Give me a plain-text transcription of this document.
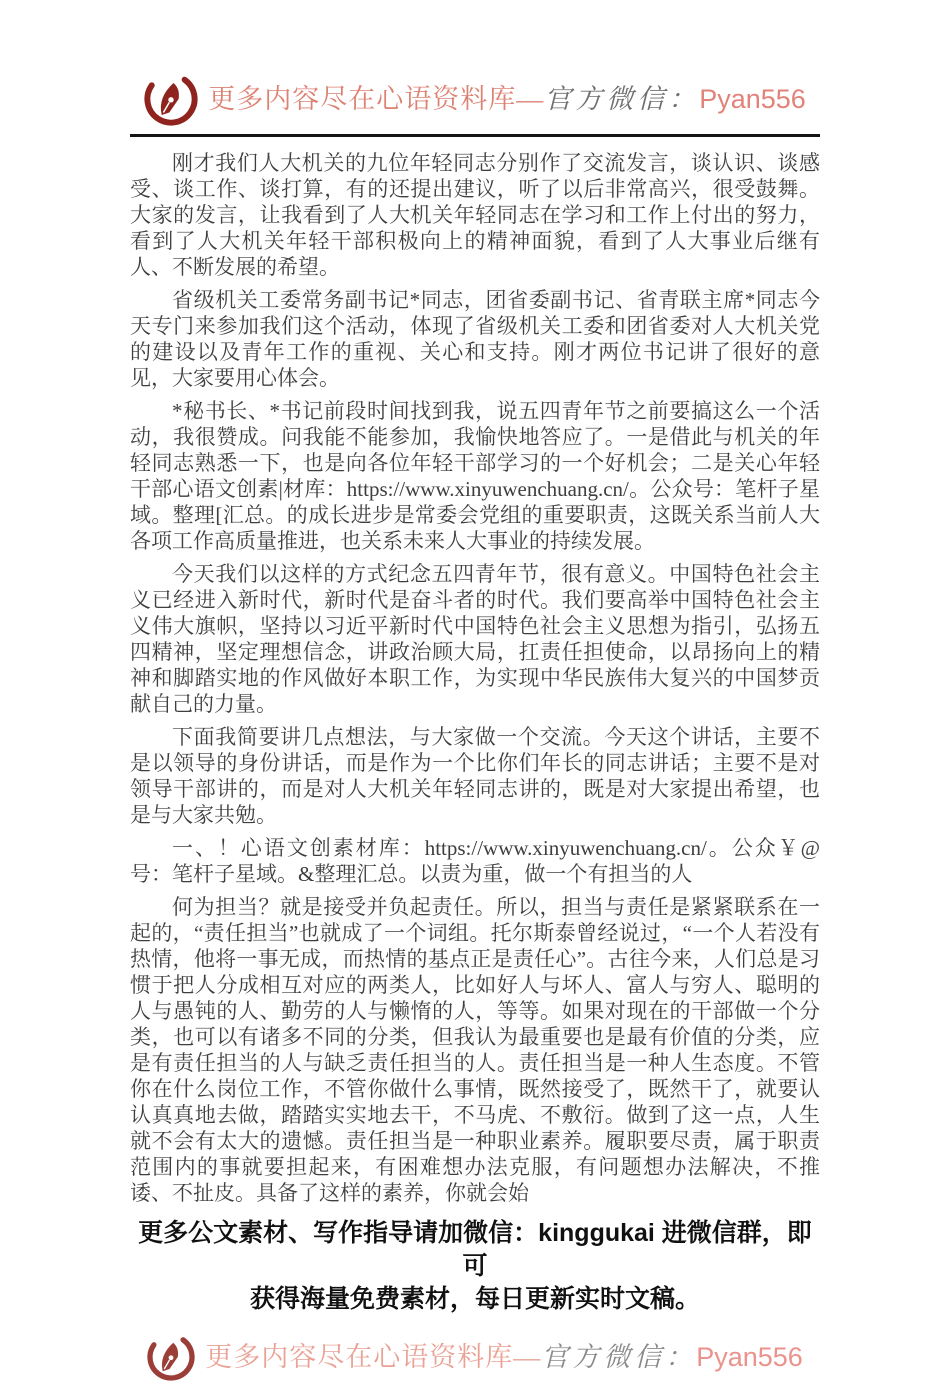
更多内容尽在心语资料库—官方微信：Pyan556

刚才我们人大机关的九位年轻同志分别作了交流发言，谈认识、谈感受、谈工作、谈打算，有的还提出建议，听了以后非常高兴，很受鼓舞。大家的发言，让我看到了人大机关年轻同志在学习和工作上付出的努力，看到了人大机关年轻干部积极向上的精神面貌，看到了人大事业后继有人、不断发展的希望。

省级机关工委常务副书记*同志，团省委副书记、省青联主席*同志今天专门来参加我们这个活动，体现了省级机关工委和团省委对人大机关党的建设以及青年工作的重视、关心和支持。刚才两位书记讲了很好的意见，大家要用心体会。

*秘书长、*书记前段时间找到我，说五四青年节之前要搞这么一个活动，我很赞成。问我能不能参加，我愉快地答应了。一是借此与机关的年轻同志熟悉一下，也是向各位年轻干部学习的一个好机会；二是关心年轻干部心语文创素|材库：https://www.xinyuwenchuang.cn/。公众号：笔杆子星域。整理[汇总。的成长进步是常委会党组的重要职责，这既关系当前人大各项工作高质量推进，也关系未来人大事业的持续发展。

今天我们以这样的方式纪念五四青年节，很有意义。中国特色社会主义已经进入新时代，新时代是奋斗者的时代。我们要高举中国特色社会主义伟大旗帜，坚持以习近平新时代中国特色社会主义思想为指引，弘扬五四精神，坚定理想信念，讲政治顾大局，扛责任担使命，以昂扬向上的精神和脚踏实地的作风做好本职工作，为实现中华民族伟大复兴的中国梦贡献自己的力量。

下面我简要讲几点想法，与大家做一个交流。今天这个讲话，主要不是以领导的身份讲话，而是作为一个比你们年长的同志讲话；主要不是对领导干部讲的，而是对人大机关年轻同志讲的，既是对大家提出希望，也是与大家共勉。

一、！心语文创素材库：https://www.xinyuwenchuang.cn/。公众￥@号：笔杆子星域。&整理汇总。以责为重，做一个有担当的人

何为担当？就是接受并负起责任。所以，担当与责任是紧紧联系在一起的，“责任担当”也就成了一个词组。托尔斯泰曾经说过，“一个人若没有热情，他将一事无成，而热情的基点正是责任心”。古往今来，人们总是习惯于把人分成相互对应的两类人，比如好人与坏人、富人与穷人、聪明的人与愚钝的人、勤劳的人与懒惰的人，等等。如果对现在的干部做一个分类，也可以有诸多不同的分类，但我认为最重要也是最有价值的分类，应是有责任担当的人与缺乏责任担当的人。责任担当是一种人生态度。不管你在什么岗位工作，不管你做什么事情，既然接受了，既然干了，就要认认真真地去做，踏踏实实地去干，不马虎、不敷衍。做到了这一点，人生就不会有太大的遗憾。责任担当是一种职业素养。履职要尽责，属于职责范围内的事就要担起来，有困难想办法克服，有问题想办法解决，不推诿、不扯皮。具备了这样的素养，你就会始

更多公文素材、写作指导请加微信：kinggukai 进微信群，即可
获得海量免费素材，每日更新实时文稿。
更多内容尽在心语资料库—官方微信：Pyan556
